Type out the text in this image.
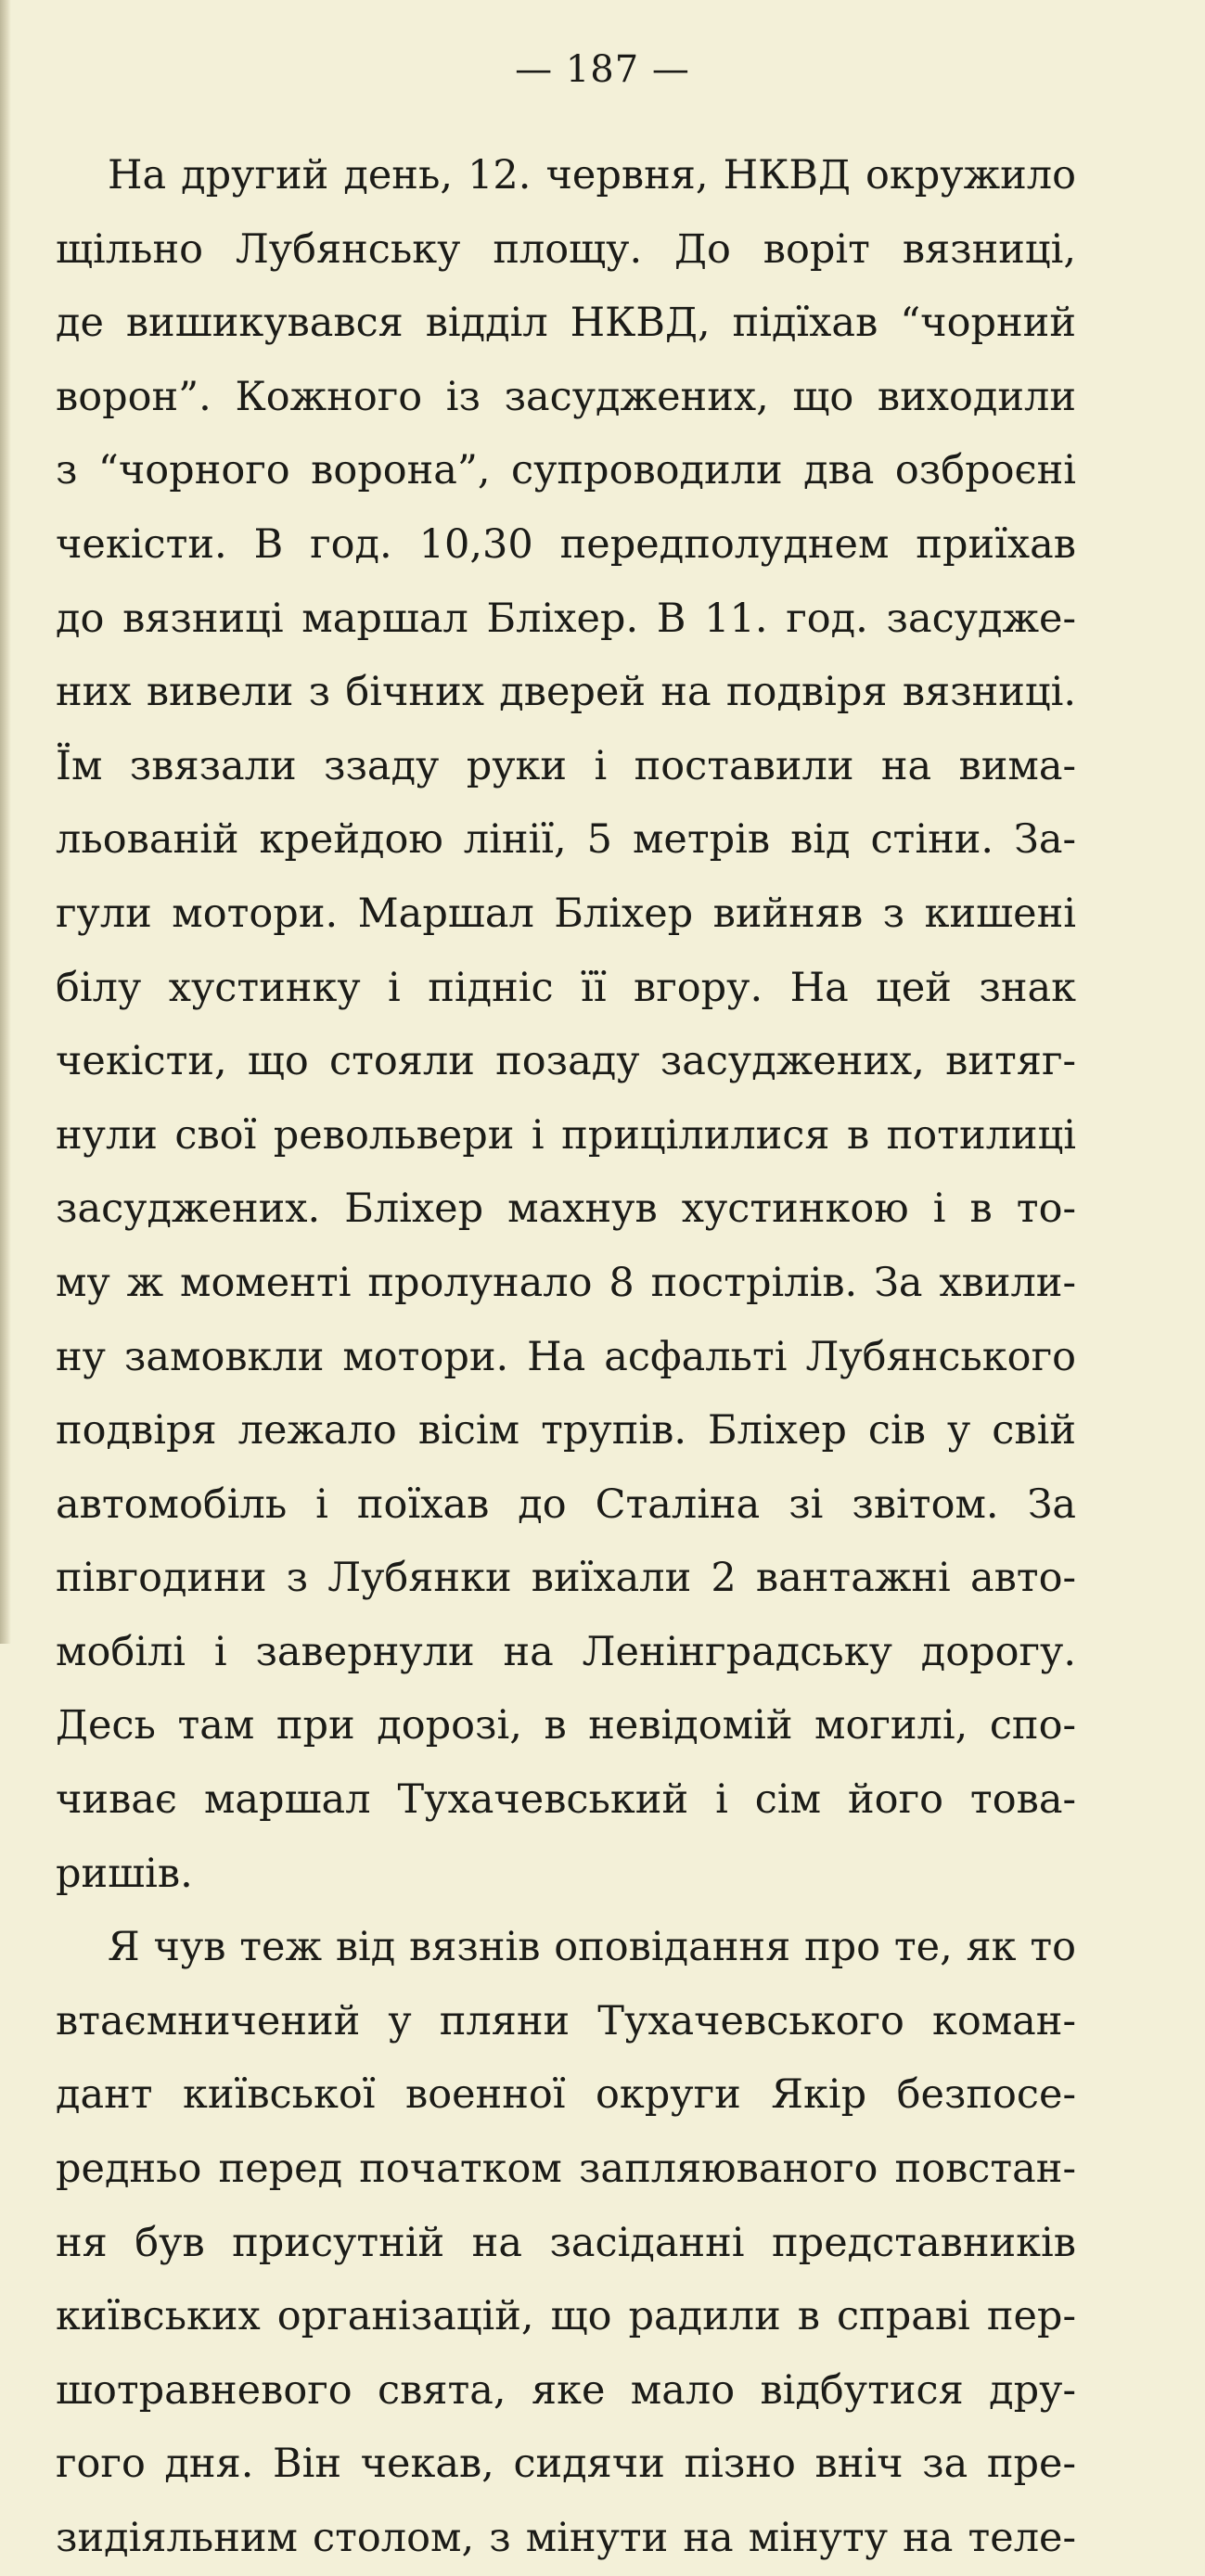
— 187 —
На другий день, 12. червня, НКВД окружило
щільно Лубянську площу. До воріт вязниці,
де вишикувався відділ НКВД, підїхав “чорний
ворон”. Кожного із засуджених, що виходили
з “чорного ворона”, супроводили два озброєні
чекісти. В год. 10,30 передполуднем приїхав
до вязниці маршал Бліхер. В 11. год. засудже-
них вивели з бічних дверей на подвіря вязниці.
Їм звязали ззаду руки і поставили на вима-
льованій крейдою лінії, 5 метрів від стіни. За-
гули мотори. Маршал Бліхер вийняв з кишені
білу хустинку і підніс її вгору. На цей знак
чекісти, що стояли позаду засуджених, витяг-
нули свої револьвери і прицілилися в потилиці
засуджених. Бліхер махнув хустинкою і в то-
му ж моменті пролунало 8 пострілів. За хвили-
ну замовкли мотори. На асфальті Лубянського
подвіря лежало вісім трупів. Бліхер сів у свій
автомобіль і поїхав до Сталіна зі звітом. За
півгодини з Лубянки виїхали 2 вантажні авто-
мобілі і завернули на Ленінградську дорогу.
Десь там при дорозі, в невідомій могилі, спо-
чиває маршал Тухачевський і сім його това-
ришів.
Я чув теж від вязнів оповідання про те, як то
втаємничений у пляни Тухачевського коман-
дант київської военної округи Якір безпосе-
редньо перед початком запляюваного повстан-
ня був присутній на засіданні представників
київських організацій, що радили в справі пер-
шотравневого свята, яке мало відбутися дру-
гого дня. Він чекав, сидячи пізно вніч за пре-
зидіяльним столом, з мінути на мінуту на теле-
